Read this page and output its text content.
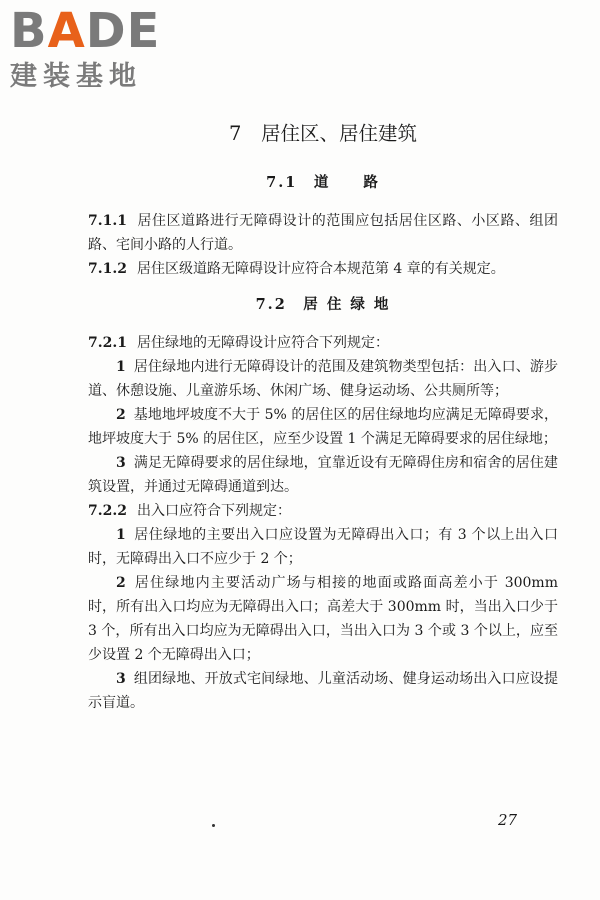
BADE
建装基地
7　居住区、居住建筑
7.1　道　　路

7.1.1 居住区道路进行无障碍设计的范围应包括居住区路、小区路、组团路、宅间小路的人行道。

7.1.2 居住区级道路无障碍设计应符合本规范第 4 章的有关规定。

7.2　居 住 绿 地

7.2.1 居住绿地的无障碍设计应符合下列规定：

1 居住绿地内进行无障碍设计的范围及建筑物类型包括：出入口、游步道、休憩设施、儿童游乐场、休闲广场、健身运动场、公共厕所等；

2 基地地坪坡度不大于 5% 的居住区的居住绿地均应满足无障碍要求，地坪坡度大于 5% 的居住区，应至少设置 1 个满足无障碍要求的居住绿地；

3 满足无障碍要求的居住绿地，宜靠近设有无障碍住房和宿舍的居住建筑设置，并通过无障碍通道到达。

7.2.2 出入口应符合下列规定：

1 居住绿地的主要出入口应设置为无障碍出入口；有 3 个以上出入口时，无障碍出入口不应少于 2 个；

2 居住绿地内主要活动广场与相接的地面或路面高差小于 300mm 时，所有出入口均应为无障碍出入口；高差大于 300mm 时，当出入口少于 3 个，所有出入口均应为无障碍出入口，当出入口为 3 个或 3 个以上，应至少设置 2 个无障碍出入口；

3 组团绿地、开放式宅间绿地、儿童活动场、健身运动场出入口应设提示盲道。

27
